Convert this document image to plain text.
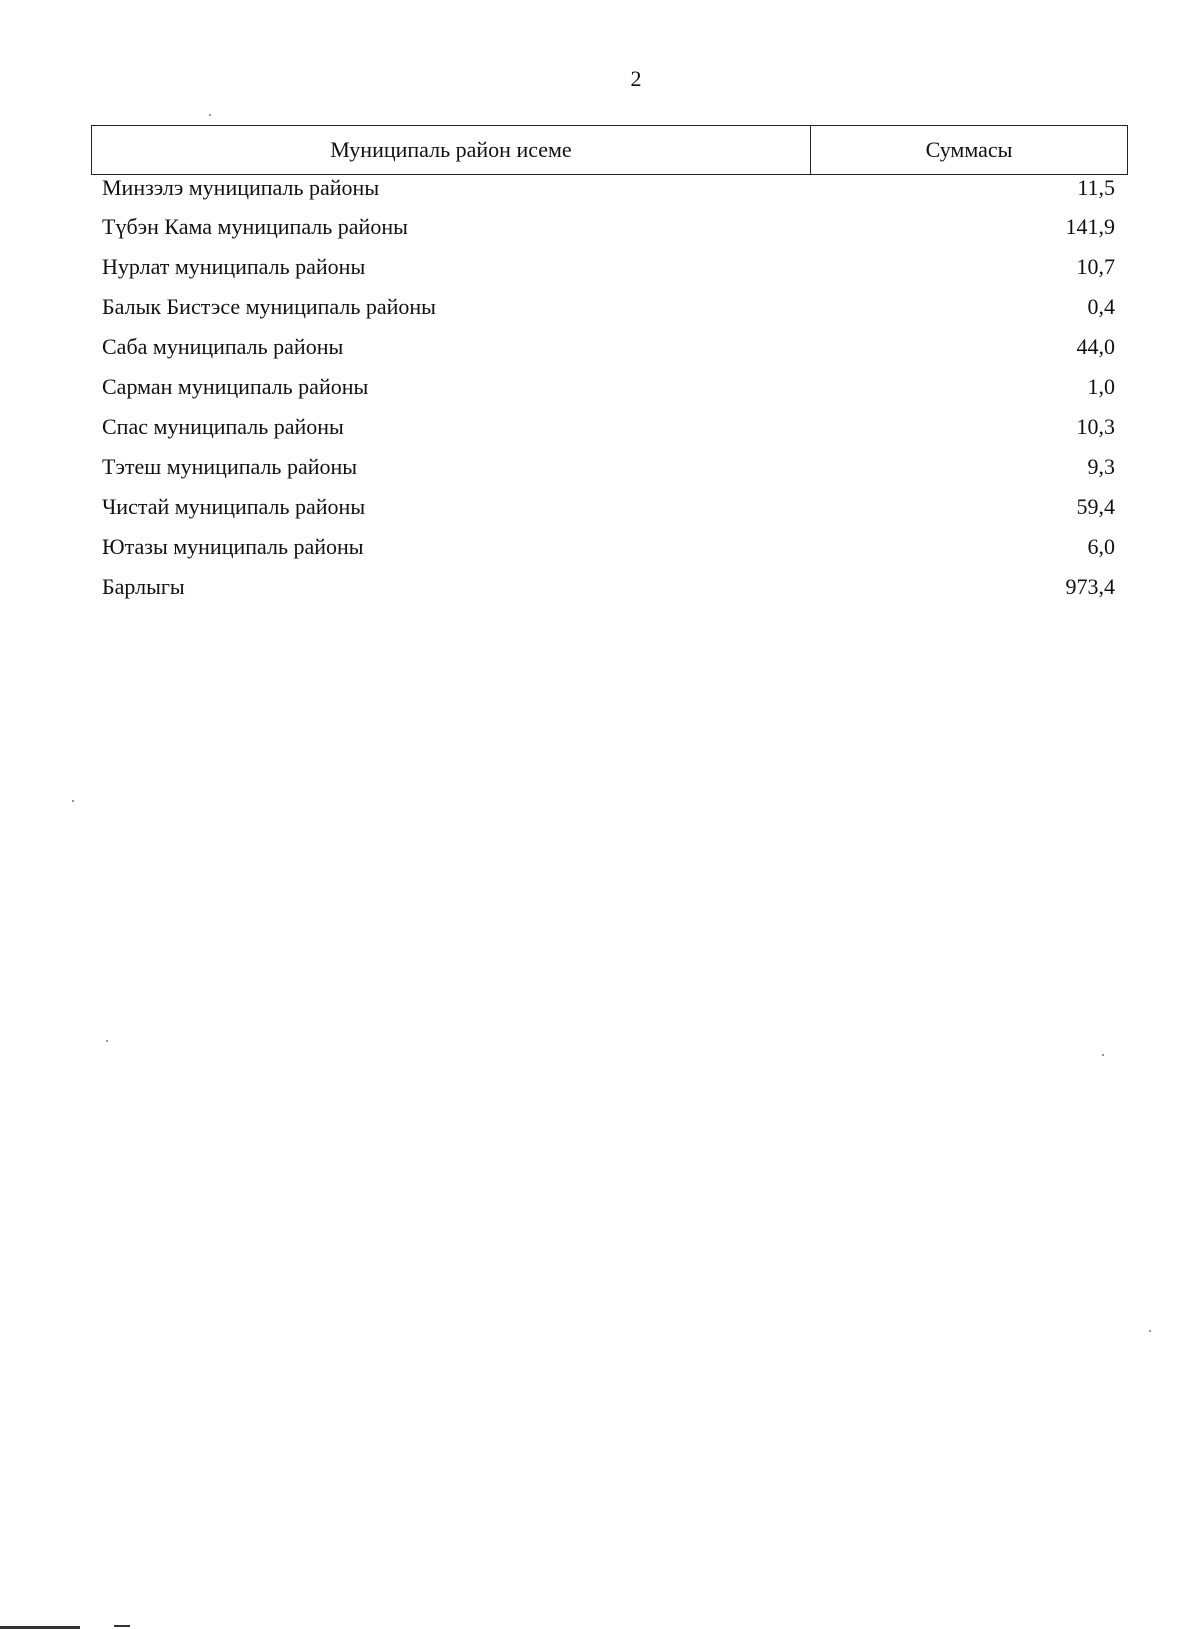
2
Муниципаль район исеме	Суммасы
Минзэлэ муниципаль районы	11,5
Түбэн Кама муниципаль районы	141,9
Нурлат муниципаль районы	10,7
Балык Бистэсе муниципаль районы	0,4
Саба муниципаль районы	44,0
Сарман муниципаль районы	1,0
Спас муниципаль районы	10,3
Тэтеш муниципаль районы	9,3
Чистай муниципаль районы	59,4
Ютазы муниципаль районы	6,0
Барлыгы	973,4
